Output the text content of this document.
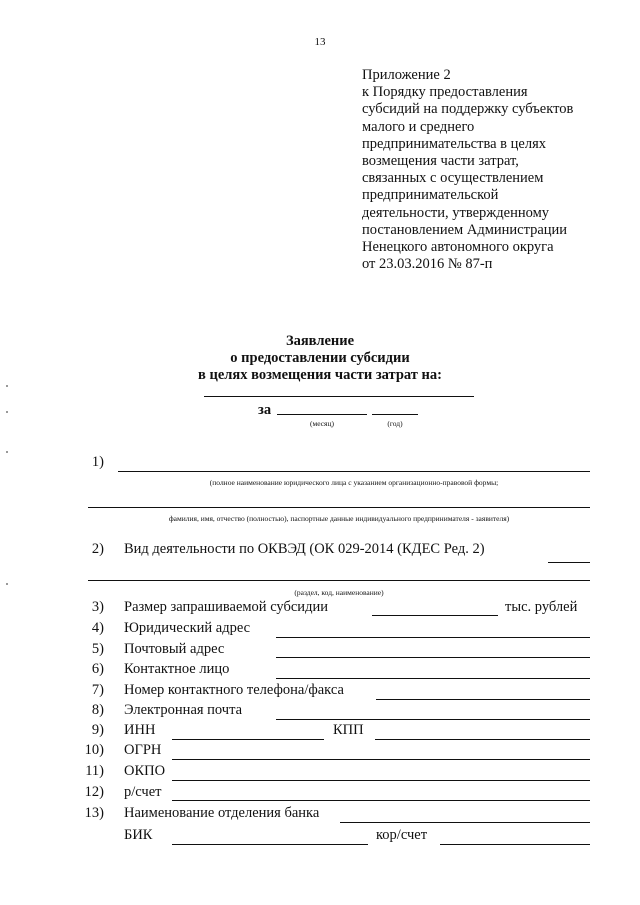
13
Приложение 2
к Порядку предоставления
субсидий на поддержку субъектов
малого и среднего
предпринимательства в целях
возмещения части затрат,
связанных с осуществлением
предпринимательской
деятельности, утвержденному
постановлением Администрации
Ненецкого автономного округа
от 23.03.2016 № 87-п
Заявление
о предоставлении субсидии
в целях возмещения части затрат на:
за
(месяц)	(год)
1)
(полное наименование юридического лица с указанием организационно-правовой формы;
фамилия, имя, отчество (полностью), паспортные данные индивидуального предпринимателя - заявителя)
2) Вид деятельности по ОКВЭД (ОК 029-2014 (КДЕС Ред. 2)
(раздел, код, наименование)
3) Размер запрашиваемой субсидии	тыс. рублей
4) Юридический адрес
5) Почтовый адрес
6) Контактное лицо
7) Номер контактного телефона/факса
8) Электронная почта
9) ИНН	КПП
10) ОГРН
11) ОКПО
12) р/счет
13) Наименование отделения банка
БИК	кор/счет
